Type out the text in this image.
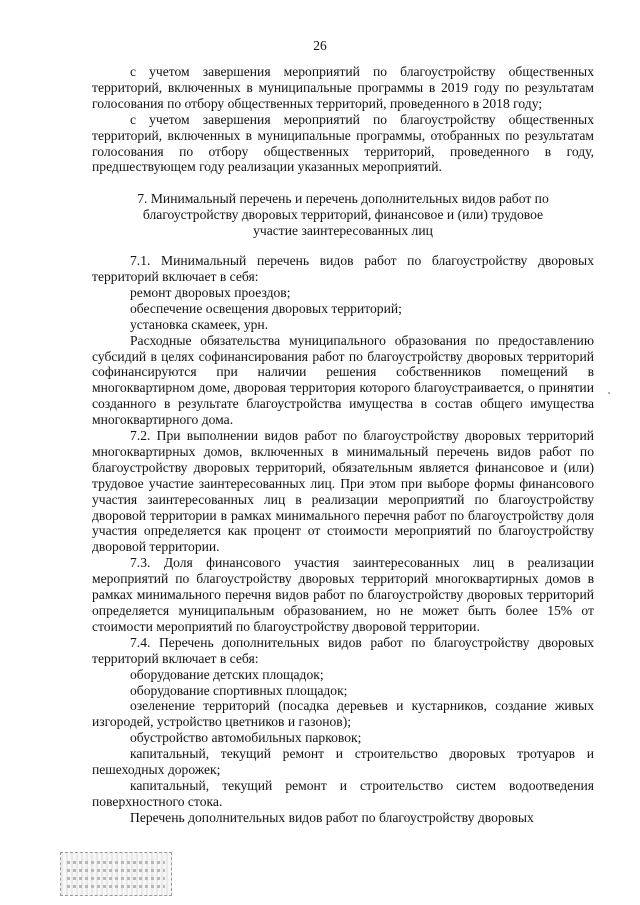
26

с учетом завершения мероприятий по благоустройству общественных территорий, включенных в муниципальные программы в 2019 году по результатам голосования по отбору общественных территорий, проведенного в 2018 году;

с учетом завершения мероприятий по благоустройству общественных территорий, включенных в муниципальные программы, отобранных по результатам голосования по отбору общественных территорий, проведенного в году, предшествующем году реализации указанных мероприятий.

7. Минимальный перечень и перечень дополнительных видов работ по
благоустройству дворовых территорий, финансовое и (или) трудовое
участие заинтересованных лиц

7.1. Минимальный перечень видов работ по благоустройству дворовых территорий включает в себя:

ремонт дворовых проездов;

обеспечение освещения дворовых территорий;

установка скамеек, урн.

Расходные обязательства муниципального образования по предоставлению субсидий в целях софинансирования работ по благоустройству дворовых территорий софинансируются при наличии решения собственников помещений в многоквартирном доме, дворовая территория которого благоустраивается, о принятии созданного в результате благоустройства имущества в состав общего имущества многоквартирного дома.

7.2. При выполнении видов работ по благоустройству дворовых территорий многоквартирных домов, включенных в минимальный перечень видов работ по благоустройству дворовых территорий, обязательным является финансовое и (или) трудовое участие заинтересованных лиц. При этом при выборе формы финансового участия заинтересованных лиц в реализации мероприятий по благоустройству дворовой территории в рамках минимального перечня работ по благоустройству доля участия определяется как процент от стоимости мероприятий по благоустройству дворовой территории.

7.3. Доля финансового участия заинтересованных лиц в реализации мероприятий по благоустройству дворовых территорий многоквартирных домов в рамках минимального перечня видов работ по благоустройству дворовых территорий определяется муниципальным образованием, но не может быть более 15% от стоимости мероприятий по благоустройству дворовой территории.

7.4. Перечень дополнительных видов работ по благоустройству дворовых территорий включает в себя:

оборудование детских площадок;

оборудование спортивных площадок;

озеленение территорий (посадка деревьев и кустарников, создание живых изгородей, устройство цветников и газонов);

обустройство автомобильных парковок;

капитальный, текущий ремонт и строительство дворовых тротуаров и пешеходных дорожек;

капитальный, текущий ремонт и строительство систем водоотведения поверхностного стока.

Перечень дополнительных видов работ по благоустройству дворовых
